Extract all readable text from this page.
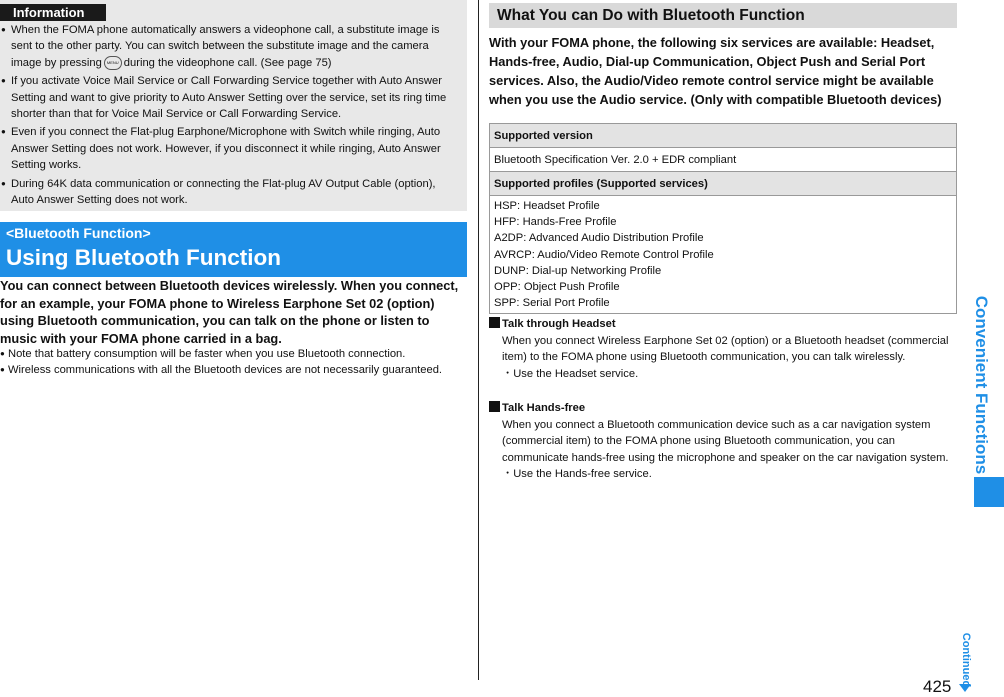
Information
● When the FOMA phone automatically answers a videophone call, a substitute image is sent to the other party. You can switch between the substitute image and the camera image by pressing MENU during the videophone call. (See page 75)
● If you activate Voice Mail Service or Call Forwarding Service together with Auto Answer Setting and want to give priority to Auto Answer Setting over the service, set its ring time shorter than that for Voice Mail Service or Call Forwarding Service.
● Even if you connect the Flat-plug Earphone/Microphone with Switch while ringing, Auto Answer Setting does not work. However, if you disconnect it while ringing, Auto Answer Setting works.
● During 64K data communication or connecting the Flat-plug AV Output Cable (option), Auto Answer Setting does not work.
<Bluetooth Function>
Using Bluetooth Function
You can connect between Bluetooth devices wirelessly. When you connect, for an example, your FOMA phone to Wireless Earphone Set 02 (option) using Bluetooth communication, you can talk on the phone or listen to music with your FOMA phone carried in a bag.
● Note that battery consumption will be faster when you use Bluetooth connection.
● Wireless communications with all the Bluetooth devices are not necessarily guaranteed.
What You can Do with Bluetooth Function
With your FOMA phone, the following six services are available: Headset, Hands-free, Audio, Dial-up Communication, Object Push and Serial Port services. Also, the Audio/Video remote control service might be available when you use the Audio service. (Only with compatible Bluetooth devices)
Supported version
Bluetooth Specification Ver. 2.0 + EDR compliant
Supported profiles (Supported services)
HSP: Headset Profile
HFP: Hands-Free Profile
A2DP: Advanced Audio Distribution Profile
AVRCP: Audio/Video Remote Control Profile
DUNP: Dial-up Networking Profile
OPP: Object Push Profile
SPP: Serial Port Profile
Talk through Headset
When you connect Wireless Earphone Set 02 (option) or a Bluetooth headset (commercial item) to the FOMA phone using Bluetooth communication, you can talk wirelessly.
・Use the Headset service.
Talk Hands-free
When you connect a Bluetooth communication device such as a car navigation system (commercial item) to the FOMA phone using Bluetooth communication, you can communicate hands-free using the microphone and speaker on the car navigation system.
・Use the Hands-free service.
Convenient Functions
Continued
425
